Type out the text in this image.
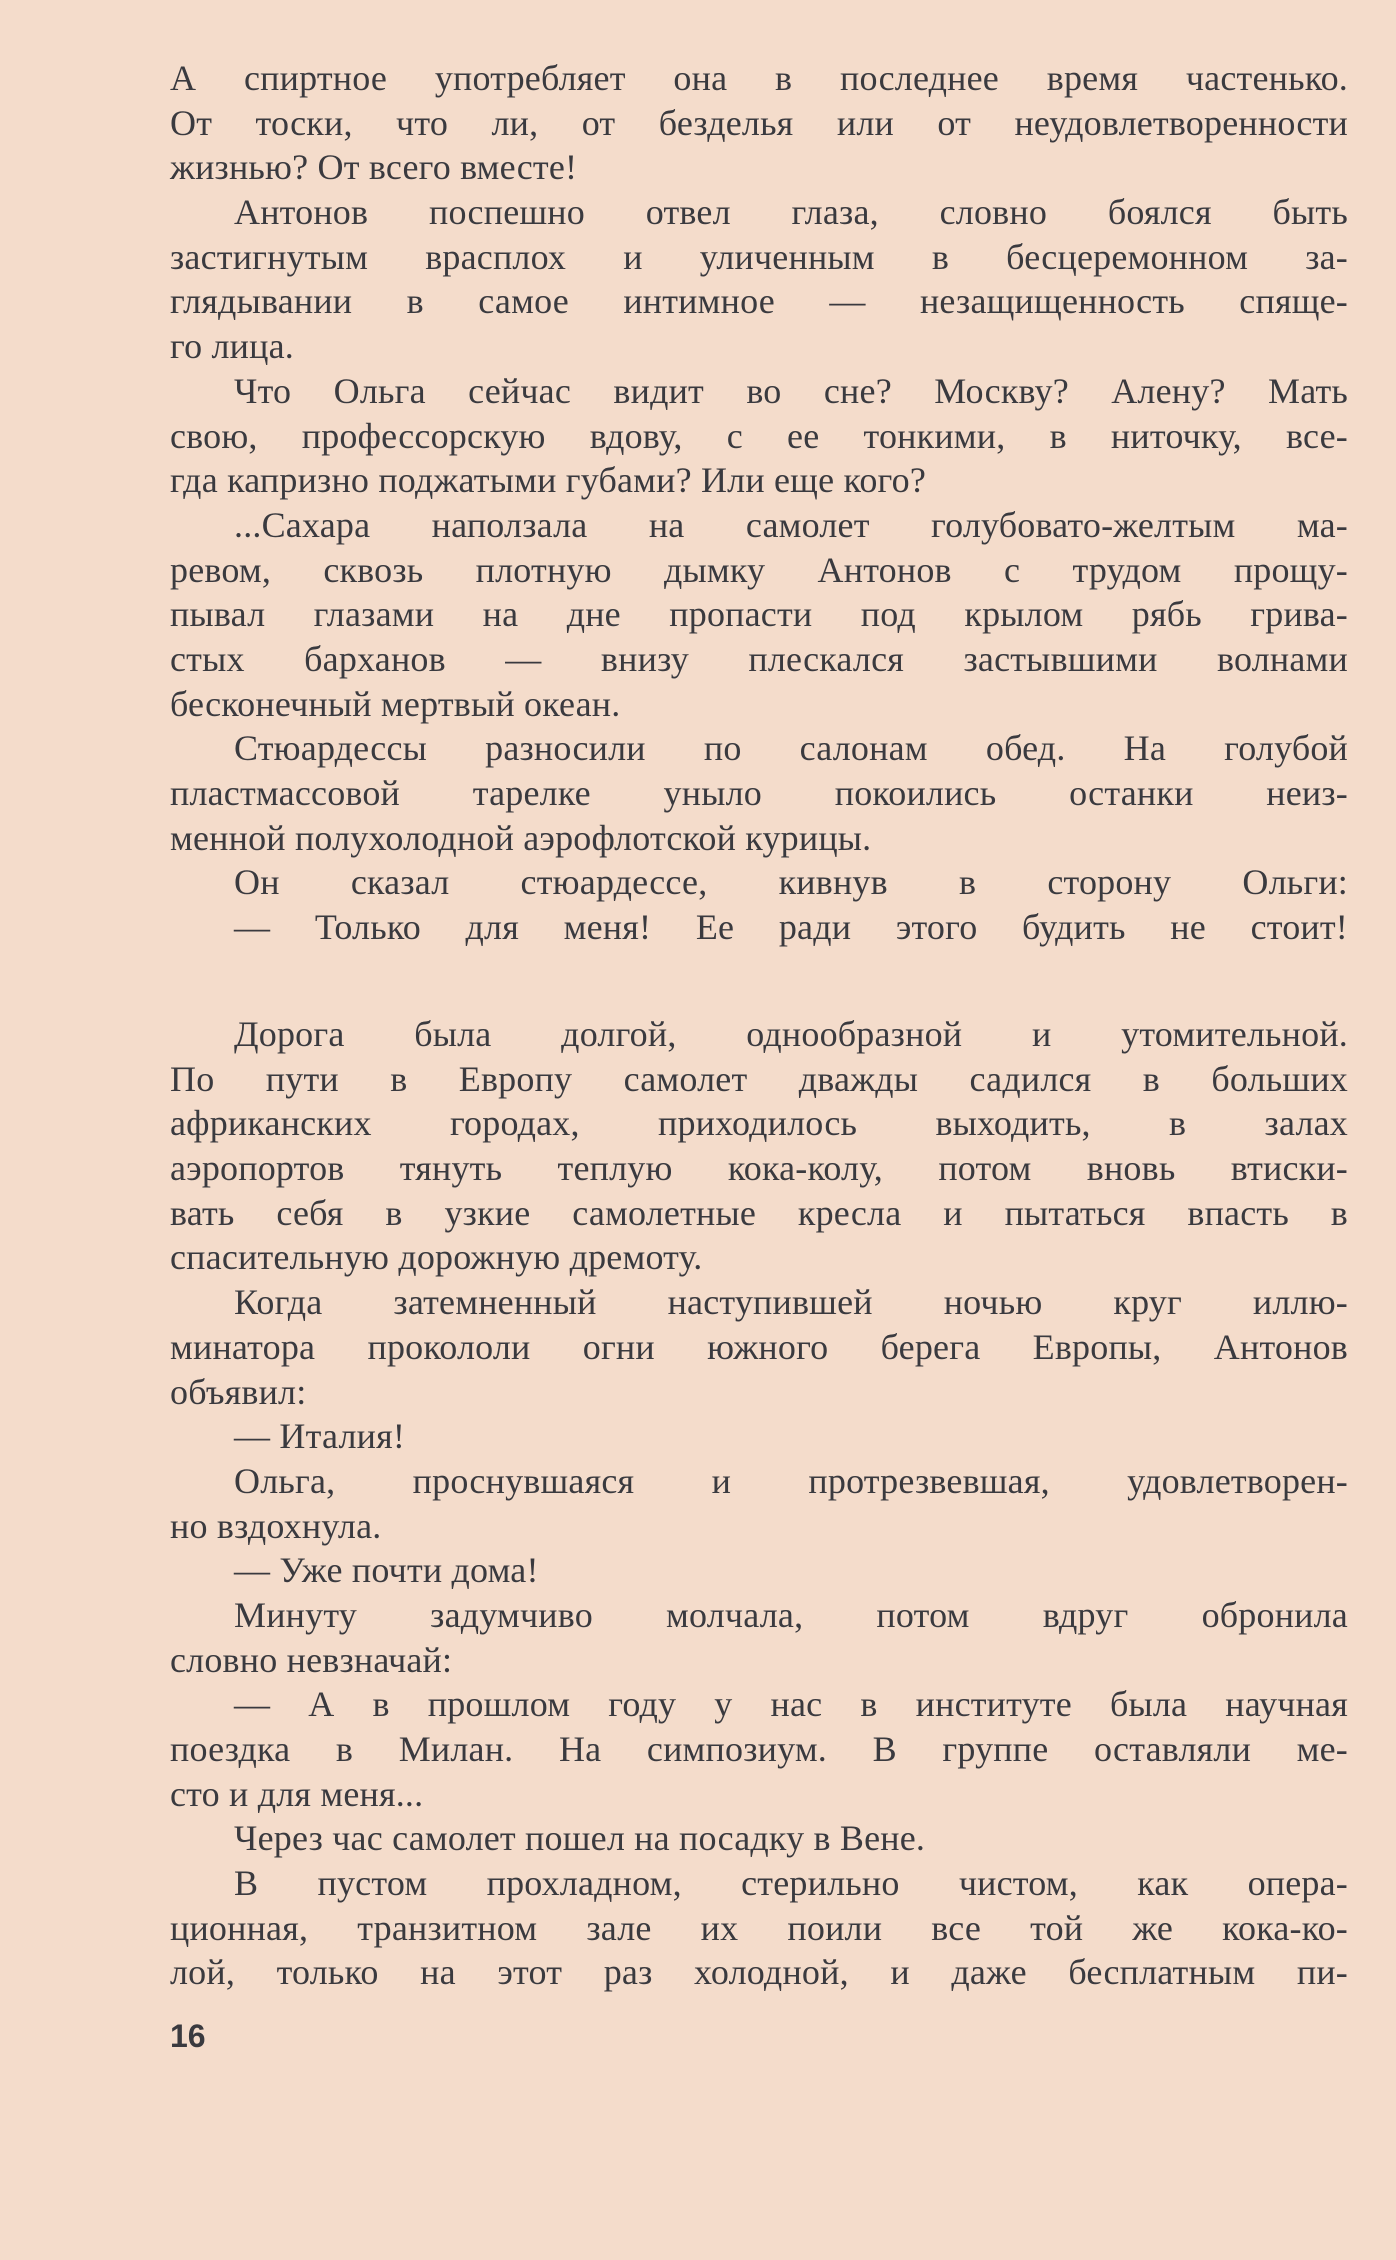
А спиртное употребляет она в последнее время частенько.
От тоски, что ли, от безделья или от неудовлетворенности
жизнью? От всего вместе!
Антонов поспешно отвел глаза, словно боялся быть
застигнутым врасплох и уличенным в бесцеремонном за-
глядывании в самое интимное — незащищенность спяще-
го лица.
Что Ольга сейчас видит во сне? Москву? Алену? Мать
свою, профессорскую вдову, с ее тонкими, в ниточку, все-
гда капризно поджатыми губами? Или еще кого?
...Сахара наползала на самолет голубовато-желтым ма-
ревом, сквозь плотную дымку Антонов с трудом прощу-
пывал глазами на дне пропасти под крылом рябь грива-
стых барханов — внизу плескался застывшими волнами
бесконечный мертвый океан.
Стюардессы разносили по салонам обед. На голубой
пластмассовой тарелке уныло покоились останки неиз-
менной полухолодной аэрофлотской курицы.
Он сказал стюардессе, кивнув в сторону Ольги:
— Только для меня! Ее ради этого будить не стоит!
Дорога была долгой, однообразной и утомительной.
По пути в Европу самолет дважды садился в больших
африканских городах, приходилось выходить, в залах
аэропортов тянуть теплую кока-колу, потом вновь втиски-
вать себя в узкие самолетные кресла и пытаться впасть в
спасительную дорожную дремоту.
Когда затемненный наступившей ночью круг иллю-
минатора прокололи огни южного берега Европы, Антонов
объявил:
— Италия!
Ольга, проснувшаяся и протрезвевшая, удовлетворен-
но вздохнула.
— Уже почти дома!
Минуту задумчиво молчала, потом вдруг обронила
словно невзначай:
— А в прошлом году у нас в институте была научная
поездка в Милан. На симпозиум. В группе оставляли ме-
сто и для меня...
Через час самолет пошел на посадку в Вене.
В пустом прохладном, стерильно чистом, как опера-
ционная, транзитном зале их поили все той же кока-ко-
лой, только на этот раз холодной, и даже бесплатным пи-
16
